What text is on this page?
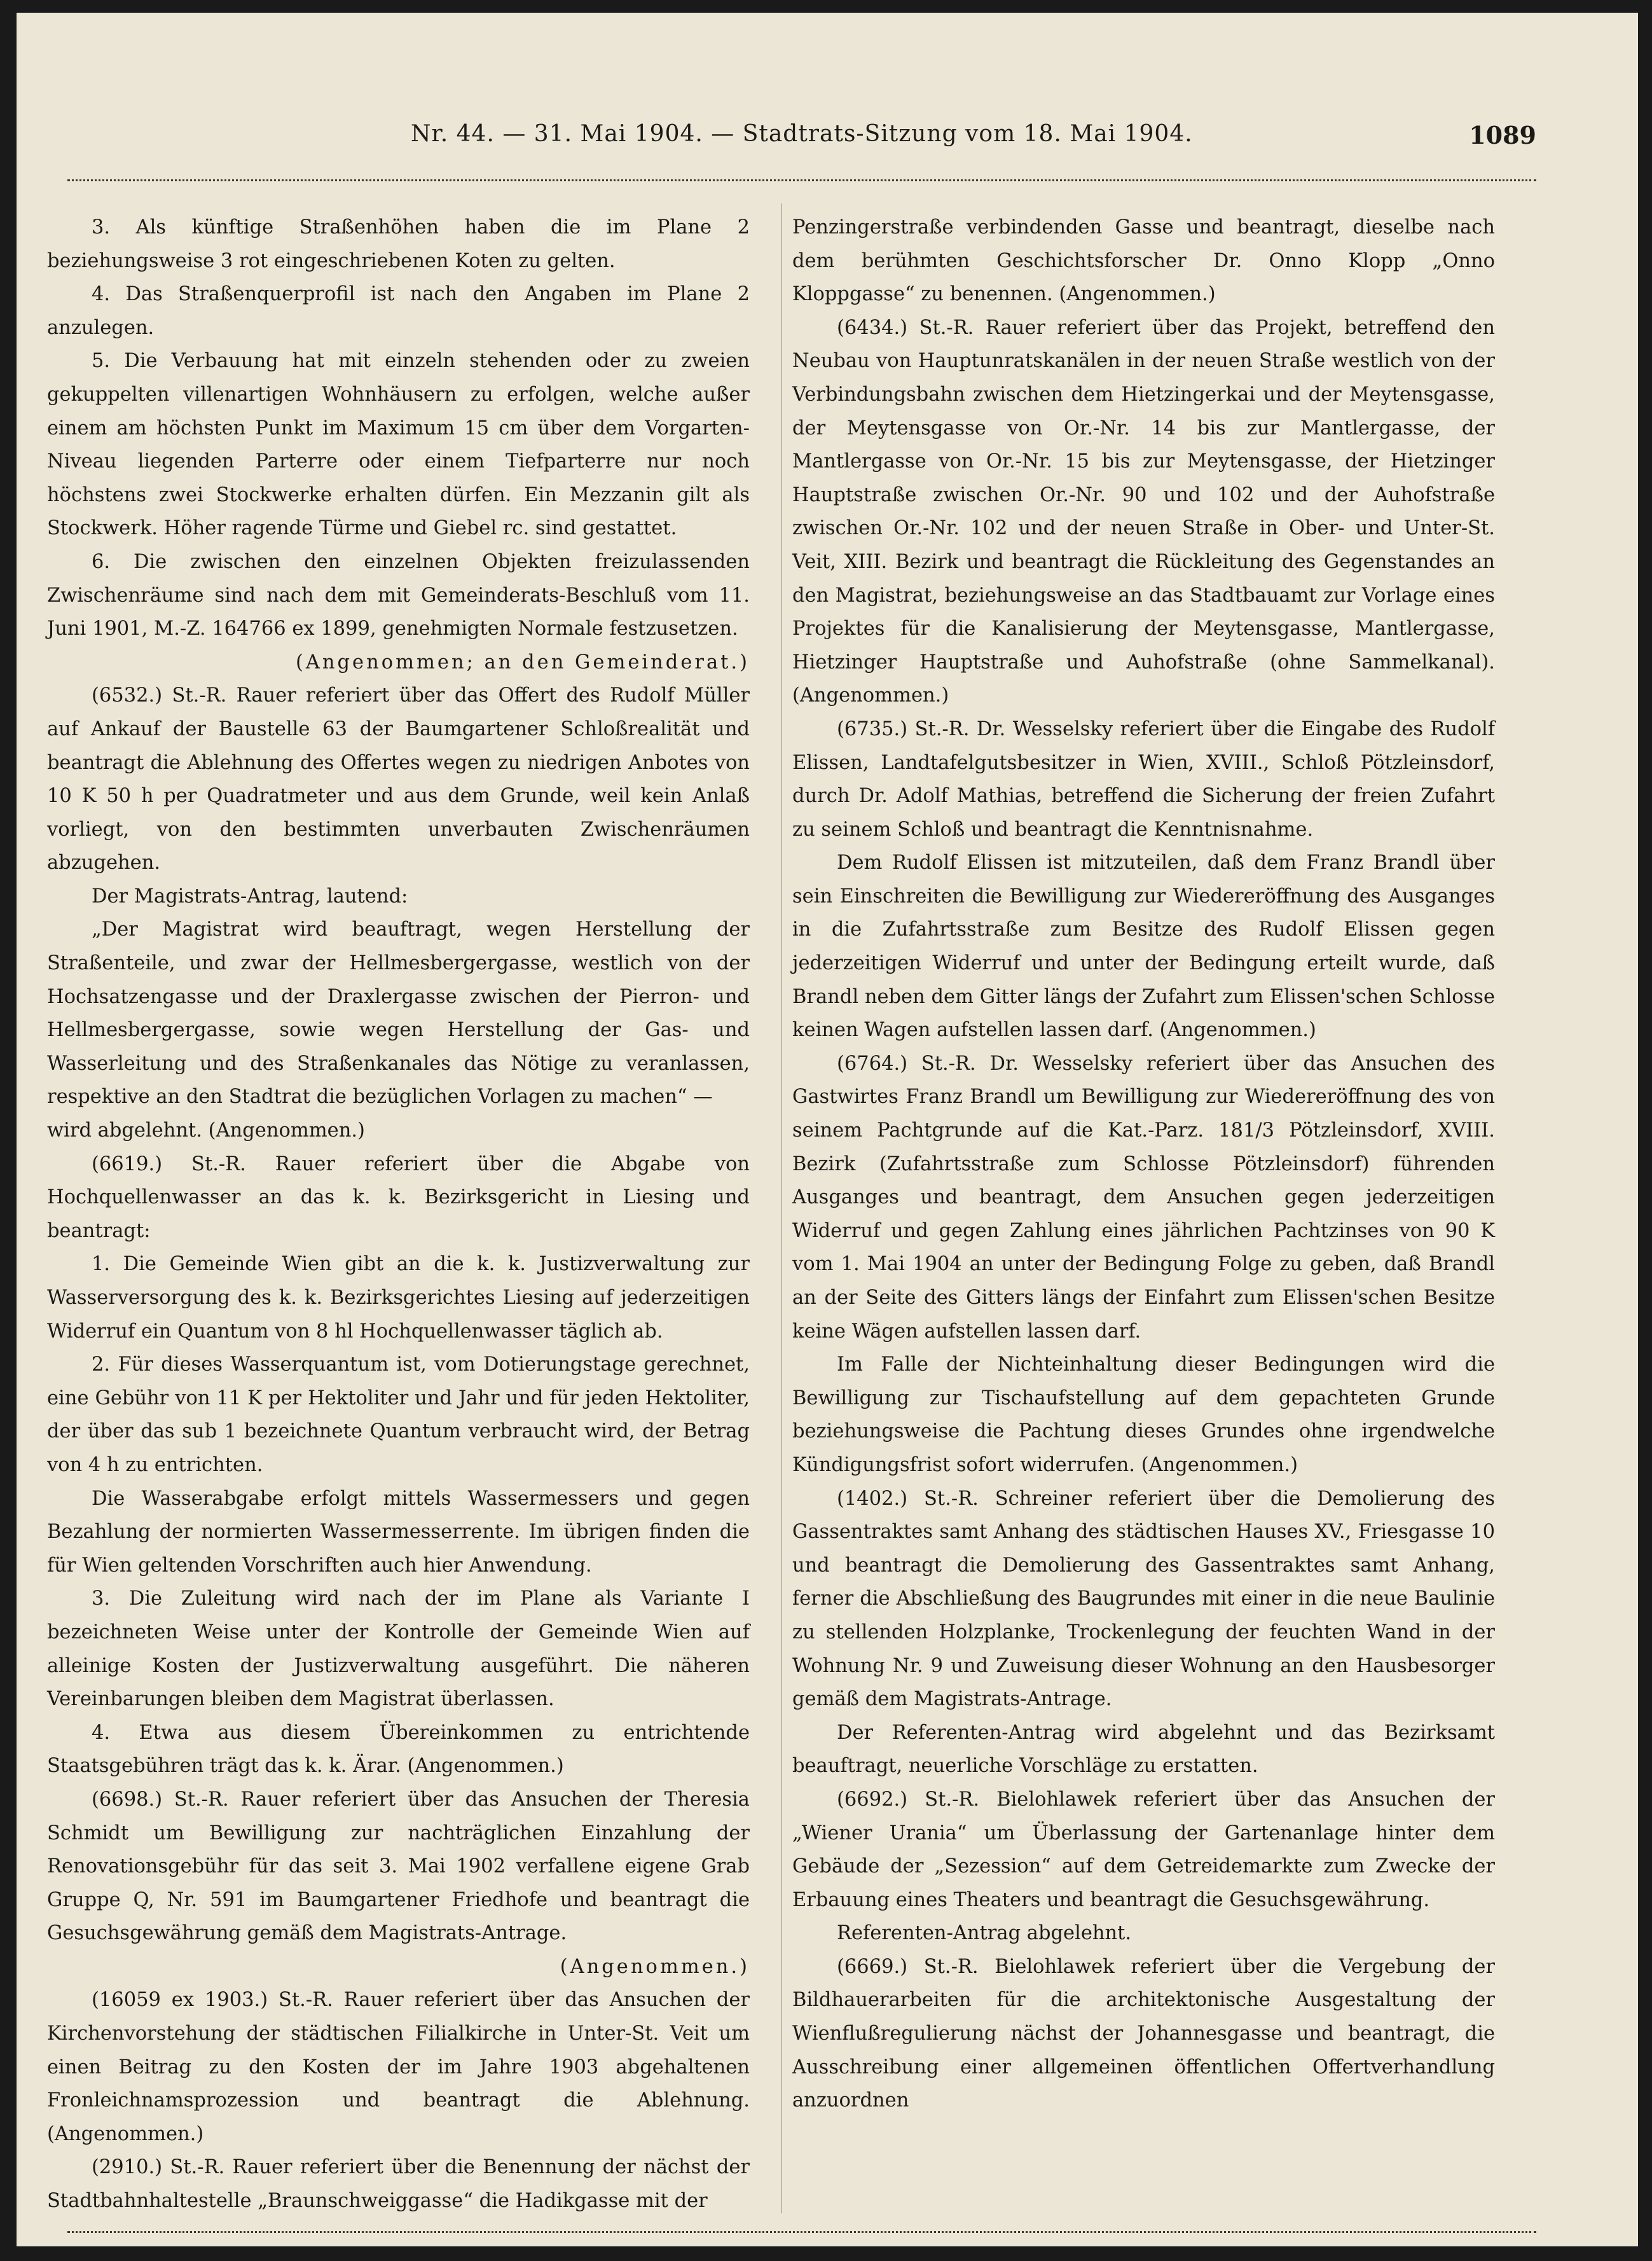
Nr. 44. — 31. Mai 1904. — Stadtrats-Sitzung vom 18. Mai 1904.	1089

3. Als künftige Straßenhöhen haben die im Plane 2 beziehungsweise 3 rot eingeschriebenen Koten zu gelten.

4. Das Straßenquerprofil ist nach den Angaben im Plane 2 anzulegen.

5. Die Verbauung hat mit einzeln stehenden oder zu zweien gekuppelten villenartigen Wohnhäusern zu erfolgen, welche außer einem am höchsten Punkt im Maximum 15 cm über dem Vorgarten-Niveau liegenden Parterre oder einem Tiefparterre nur noch höchstens zwei Stockwerke erhalten dürfen. Ein Mezzanin gilt als Stockwerk. Höher ragende Türme und Giebel rc. sind gestattet.

6. Die zwischen den einzelnen Objekten freizulassenden Zwischenräume sind nach dem mit Gemeinderats-Beschluß vom 11. Juni 1901, M.-Z. 164766 ex 1899, genehmigten Normale festzusetzen.

(Angenommen; an den Gemeinderat.)

(6532.) St.-R. Rauer referiert über das Offert des Rudolf Müller auf Ankauf der Baustelle 63 der Baumgartener Schloßrealität und beantragt die Ablehnung des Offertes wegen zu niedrigen Anbotes von 10 K 50 h per Quadratmeter und aus dem Grunde, weil kein Anlaß vorliegt, von den bestimmten unverbauten Zwischenräumen abzugehen.

Der Magistrats-Antrag, lautend:

„Der Magistrat wird beauftragt, wegen Herstellung der Straßenteile, und zwar der Hellmesbergergasse, westlich von der Hochsatzengasse und der Draxlergasse zwischen der Pierron- und Hellmesbergergasse, sowie wegen Herstellung der Gas- und Wasserleitung und des Straßenkanales das Nötige zu veranlassen, respektive an den Stadtrat die bezüglichen Vorlagen zu machen“ —

wird abgelehnt. (Angenommen.)

(6619.) St.-R. Rauer referiert über die Abgabe von Hochquellenwasser an das k. k. Bezirksgericht in Liesing und beantragt:

1. Die Gemeinde Wien gibt an die k. k. Justizverwaltung zur Wasserversorgung des k. k. Bezirksgerichtes Liesing auf jederzeitigen Widerruf ein Quantum von 8 hl Hochquellenwasser täglich ab.

2. Für dieses Wasserquantum ist, vom Dotierungstage gerechnet, eine Gebühr von 11 K per Hektoliter und Jahr und für jeden Hektoliter, der über das sub 1 bezeichnete Quantum verbraucht wird, der Betrag von 4 h zu entrichten.

Die Wasserabgabe erfolgt mittels Wassermessers und gegen Bezahlung der normierten Wassermesserrente. Im übrigen finden die für Wien geltenden Vorschriften auch hier Anwendung.

3. Die Zuleitung wird nach der im Plane als Variante I bezeichneten Weise unter der Kontrolle der Gemeinde Wien auf alleinige Kosten der Justizverwaltung ausgeführt. Die näheren Vereinbarungen bleiben dem Magistrat überlassen.

4. Etwa aus diesem Übereinkommen zu entrichtende Staatsgebühren trägt das k. k. Ärar. (Angenommen.)

(6698.) St.-R. Rauer referiert über das Ansuchen der Theresia Schmidt um Bewilligung zur nachträglichen Einzahlung der Renovationsgebühr für das seit 3. Mai 1902 verfallene eigene Grab Gruppe Q, Nr. 591 im Baumgartener Friedhofe und beantragt die Gesuchsgewährung gemäß dem Magistrats-Antrage.

(Angenommen.)

(16059 ex 1903.) St.-R. Rauer referiert über das Ansuchen der Kirchenvorstehung der städtischen Filialkirche in Unter-St. Veit um einen Beitrag zu den Kosten der im Jahre 1903 abgehaltenen Fronleichnamsprozession und beantragt die Ablehnung. (Angenommen.)

(2910.) St.-R. Rauer referiert über die Benennung der nächst der Stadtbahnhaltestelle „Braunschweiggasse“ die Hadikgasse mit der

Penzingerstraße verbindenden Gasse und beantragt, dieselbe nach dem berühmten Geschichtsforscher Dr. Onno Klopp „Onno Kloppgasse“ zu benennen. (Angenommen.)

(6434.) St.-R. Rauer referiert über das Projekt, betreffend den Neubau von Hauptunratskanälen in der neuen Straße westlich von der Verbindungsbahn zwischen dem Hietzingerkai und der Meytensgasse, der Meytensgasse von Or.-Nr. 14 bis zur Mantlergasse, der Mantlergasse von Or.-Nr. 15 bis zur Meytensgasse, der Hietzinger Hauptstraße zwischen Or.-Nr. 90 und 102 und der Auhofstraße zwischen Or.-Nr. 102 und der neuen Straße in Ober- und Unter-St. Veit, XIII. Bezirk und beantragt die Rückleitung des Gegenstandes an den Magistrat, beziehungsweise an das Stadtbauamt zur Vorlage eines Projektes für die Kanalisierung der Meytensgasse, Mantlergasse, Hietzinger Hauptstraße und Auhofstraße (ohne Sammelkanal). (Angenommen.)

(6735.) St.-R. Dr. Wesselsky referiert über die Eingabe des Rudolf Elissen, Landtafelgutsbesitzer in Wien, XVIII., Schloß Pötzleinsdorf, durch Dr. Adolf Mathias, betreffend die Sicherung der freien Zufahrt zu seinem Schloß und beantragt die Kenntnisnahme.

Dem Rudolf Elissen ist mitzuteilen, daß dem Franz Brandl über sein Einschreiten die Bewilligung zur Wiedereröffnung des Ausganges in die Zufahrtsstraße zum Besitze des Rudolf Elissen gegen jederzeitigen Widerruf und unter der Bedingung erteilt wurde, daß Brandl neben dem Gitter längs der Zufahrt zum Elissen'schen Schlosse keinen Wagen aufstellen lassen darf. (Angenommen.)

(6764.) St.-R. Dr. Wesselsky referiert über das Ansuchen des Gastwirtes Franz Brandl um Bewilligung zur Wiedereröffnung des von seinem Pachtgrunde auf die Kat.-Parz. 181/3 Pötzleinsdorf, XVIII. Bezirk (Zufahrtsstraße zum Schlosse Pötzleinsdorf) führenden Ausganges und beantragt, dem Ansuchen gegen jederzeitigen Widerruf und gegen Zahlung eines jährlichen Pachtzinses von 90 K vom 1. Mai 1904 an unter der Bedingung Folge zu geben, daß Brandl an der Seite des Gitters längs der Einfahrt zum Elissen'schen Besitze keine Wägen aufstellen lassen darf.

Im Falle der Nichteinhaltung dieser Bedingungen wird die Bewilligung zur Tischaufstellung auf dem gepachteten Grunde beziehungsweise die Pachtung dieses Grundes ohne irgendwelche Kündigungsfrist sofort widerrufen. (Angenommen.)

(1402.) St.-R. Schreiner referiert über die Demolierung des Gassentraktes samt Anhang des städtischen Hauses XV., Friesgasse 10 und beantragt die Demolierung des Gassentraktes samt Anhang, ferner die Abschließung des Baugrundes mit einer in die neue Baulinie zu stellenden Holzplanke, Trockenlegung der feuchten Wand in der Wohnung Nr. 9 und Zuweisung dieser Wohnung an den Hausbesorger gemäß dem Magistrats-Antrage.

Der Referenten-Antrag wird abgelehnt und das Bezirksamt beauftragt, neuerliche Vorschläge zu erstatten.

(6692.) St.-R. Bielohlawek referiert über das Ansuchen der „Wiener Urania“ um Überlassung der Gartenanlage hinter dem Gebäude der „Sezession“ auf dem Getreidemarkte zum Zwecke der Erbauung eines Theaters und beantragt die Gesuchsgewährung.

Referenten-Antrag abgelehnt.

(6669.) St.-R. Bielohlawek referiert über die Vergebung der Bildhauerarbeiten für die architektonische Ausgestaltung der Wienflußregulierung nächst der Johannesgasse und beantragt, die Ausschreibung einer allgemeinen öffentlichen Offertverhandlung anzuordnen
